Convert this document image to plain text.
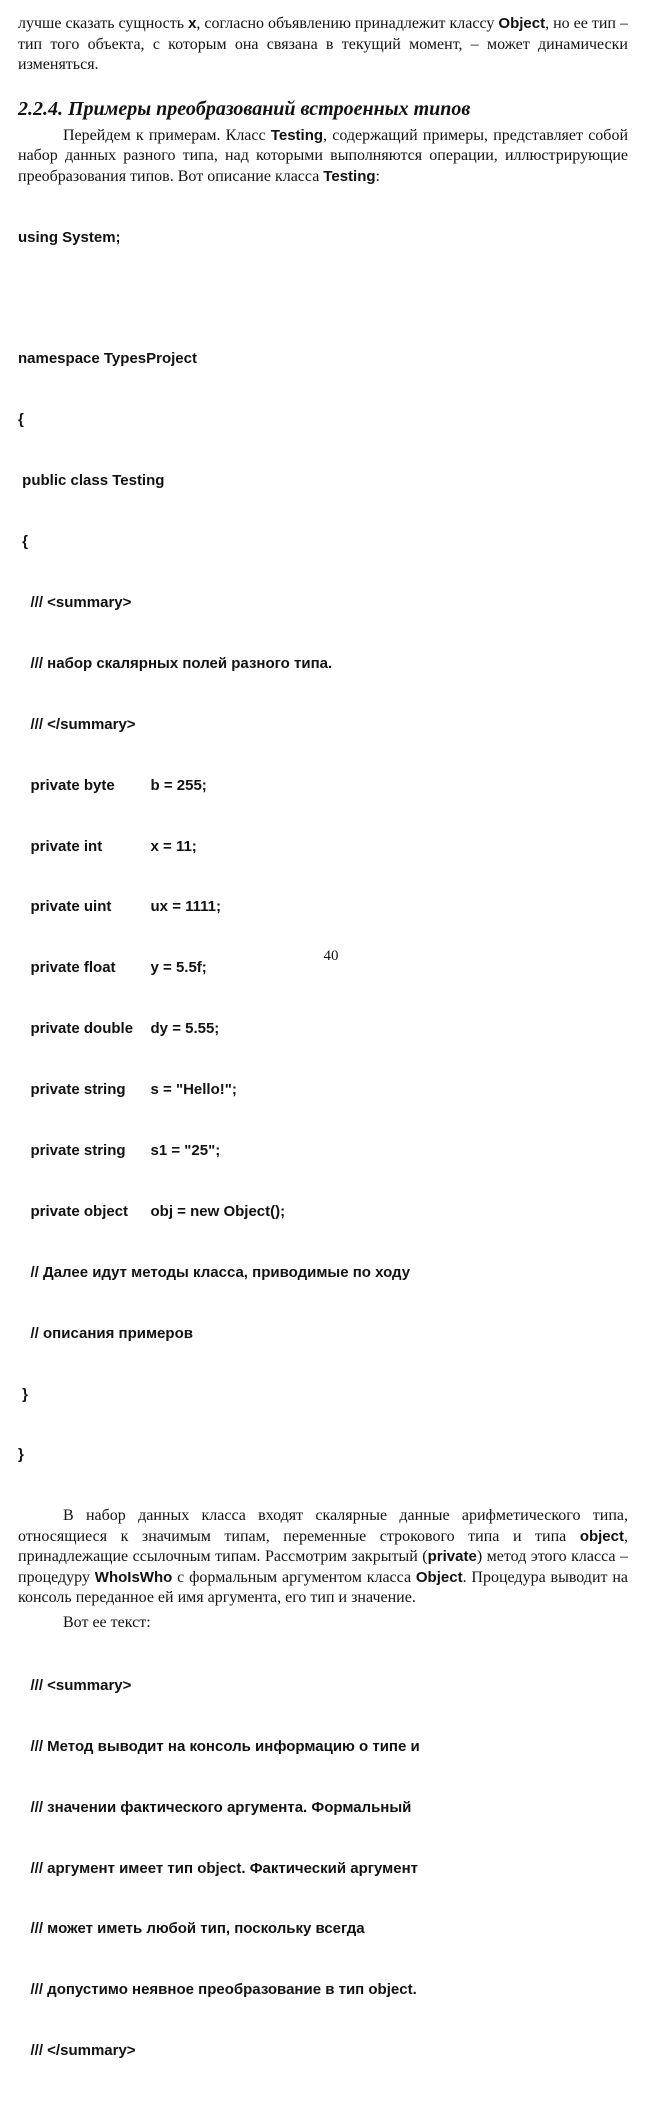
лучше сказать сущность x, согласно объявлению принадлежит классу Object, но ее тип – тип того объекта, с которым она связана в текущий момент, – может динамически изменяться.

2.2.4. Примеры преобразований встроенных типов

Перейдем к примерам. Класс Testing, содержащий примеры, представляет собой набор данных разного типа, над которыми выполняются операции, иллюстрирующие преобразования типов. Вот описание класса Testing:

using System;

namespace TypesProject

{

public class Testing

{

/// <summary>

/// набор скалярных полей разного типа.

/// </summary>

private byte b = 255;

private int	x = 11;

private uint	ux = 1111;

private float y = 5.5f;

private double dy = 5.55;

private string s = "Hello!";

private string s1 = "25";

private object obj = new Object();

// Далее идут методы класса, приводимые по ходу

// описания примеров

}

}

В набор данных класса входят скалярные данные арифметического типа, относящиеся к значимым типам, переменные строкового типа и типа object, принадлежащие ссылочным типам. Рассмотрим закрытый (private) метод этого класса – процедуру WhoIsWho с формальным аргументом класса Object. Процедура выводит на консоль переданное ей имя аргумента, его тип и значение.

Вот ее текст:

/// <summary>

/// Метод выводит на консоль информацию о типе и

/// значении фактического аргумента. Формальный

/// аргумент имеет тип object. Фактический аргумент

/// может иметь любой тип, поскольку всегда

/// допустимо неявное преобразование в тип object.

/// </summary>

40
